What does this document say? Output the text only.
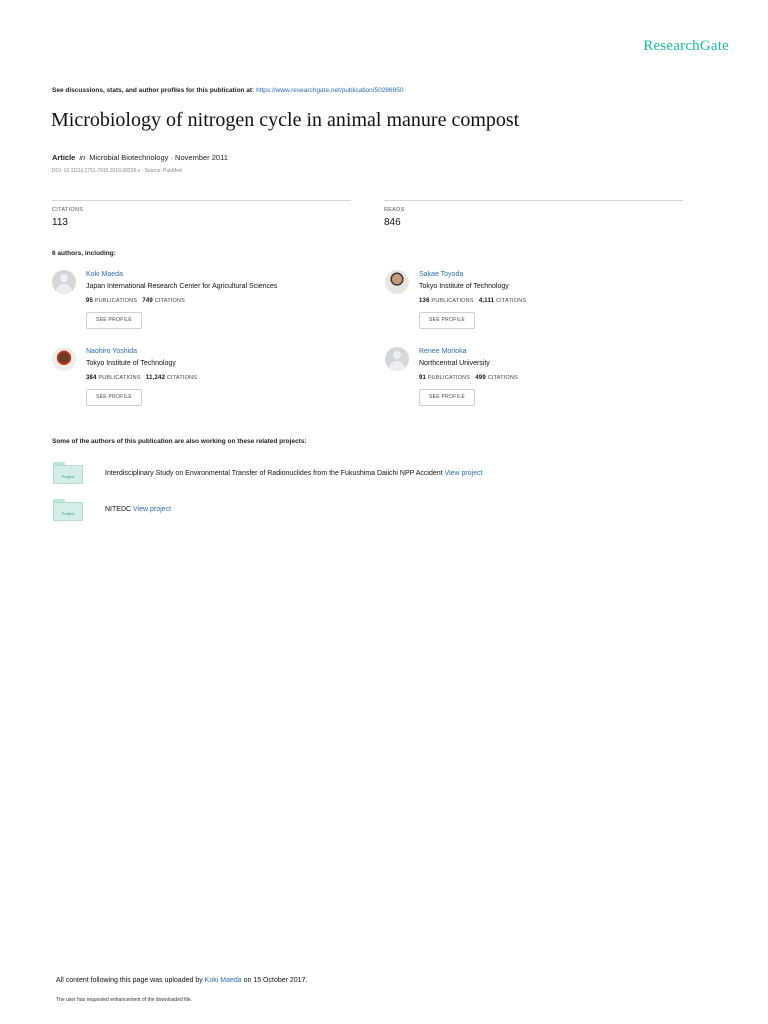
ResearchGate
See discussions, stats, and author profiles for this publication at: https://www.researchgate.net/publication/50286950
Microbiology of nitrogen cycle in animal manure compost
Article in Microbial Biotechnology · November 2011
DOI: 10.1111/j.1751-7915.2010.00236.x · Source: PubMed
CITATIONS
113
READS
846
6 authors, including:
Koki Maeda
Japan International Research Center for Agricultural Sciences
95 PUBLICATIONS 749 CITATIONS
SEE PROFILE
Sakae Toyoda
Tokyo Institute of Technology
136 PUBLICATIONS 4,111 CITATIONS
SEE PROFILE
Naohiro Yoshida
Tokyo Institute of Technology
384 PUBLICATIONS 11,242 CITATIONS
SEE PROFILE
Renee Morioka
Northcentral University
91 PUBLICATIONS 499 CITATIONS
SEE PROFILE
Some of the authors of this publication are also working on these related projects:
Project	Interdisciplinary Study on Environmental Transfer of Radionuclides from the Fukushima Daiichi NPP Accident View project
Project
NITEDC View project
All content following this page was uploaded by Koki Maeda on 15 October 2017.
The user has requested enhancement of the downloaded file.
